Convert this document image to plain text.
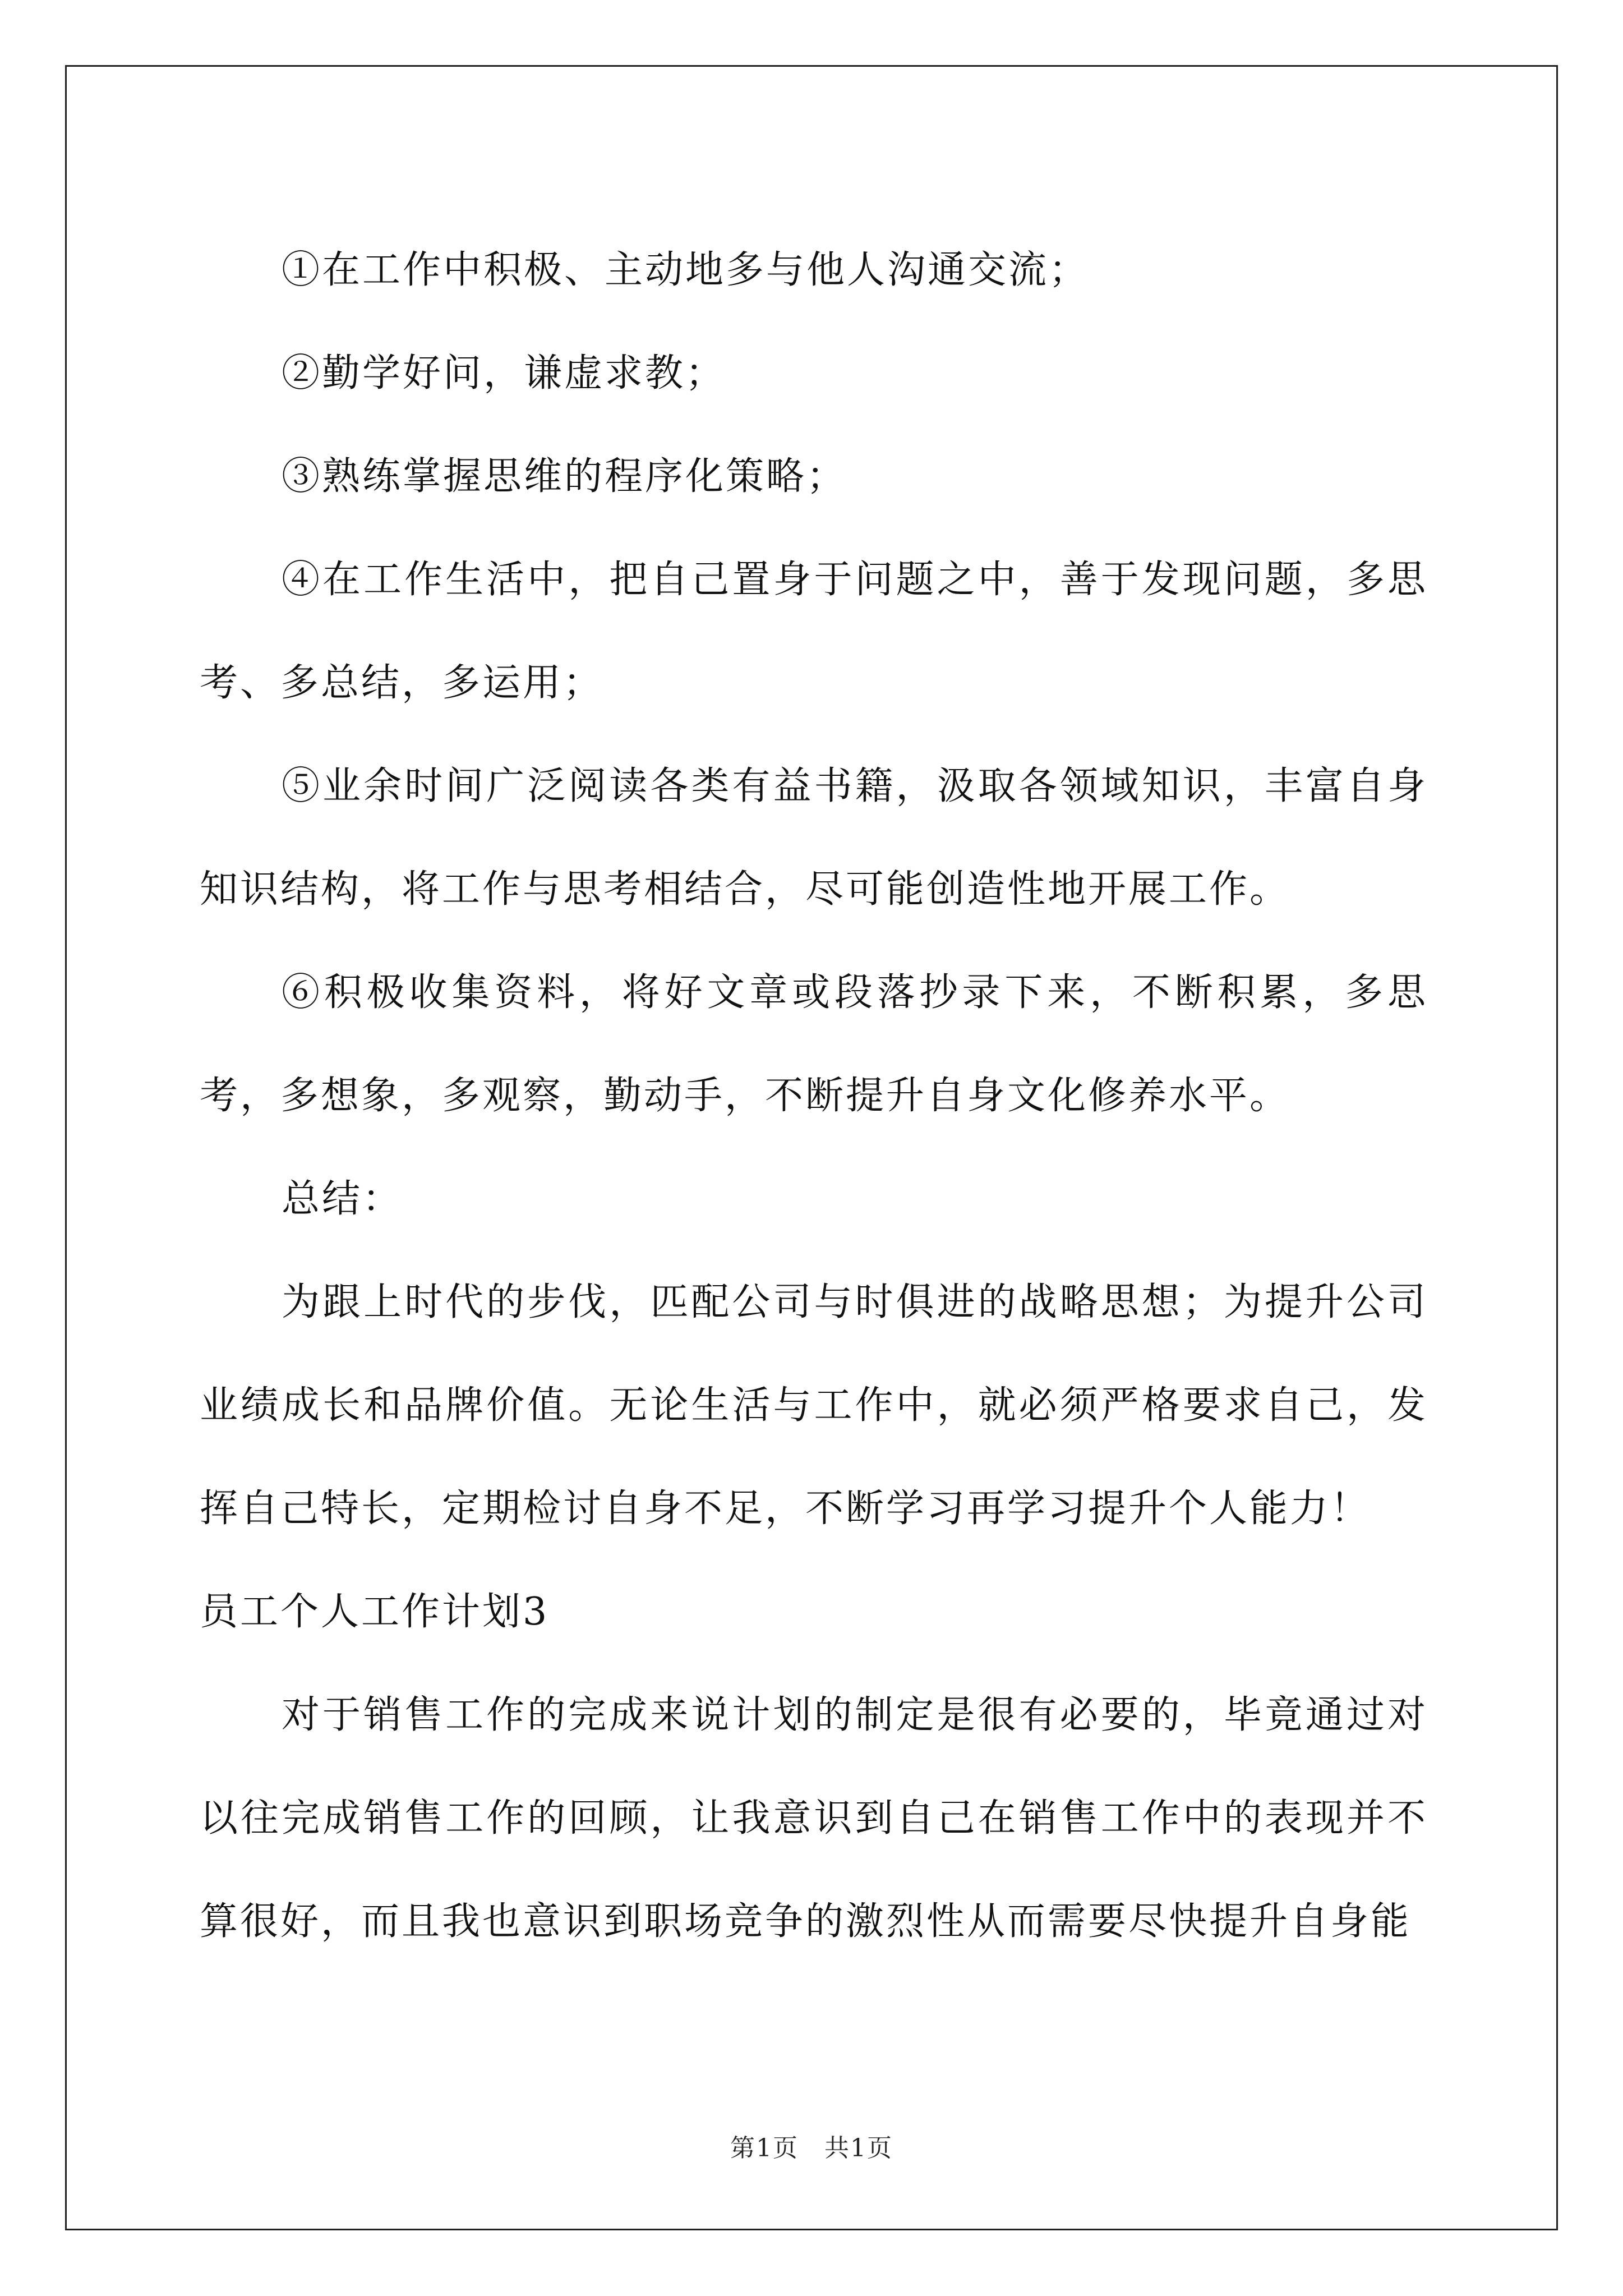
①在工作中积极、主动地多与他人沟通交流；

②勤学好问，谦虚求教；

③熟练掌握思维的程序化策略；

④在工作生活中，把自己置身于问题之中，善于发现问题，多思考、多总结，多运用；

⑤业余时间广泛阅读各类有益书籍，汲取各领域知识，丰富自身知识结构，将工作与思考相结合，尽可能创造性地开展工作。

⑥积极收集资料，将好文章或段落抄录下来，不断积累，多思考，多想象，多观察，勤动手，不断提升自身文化修养水平。

总结：

为跟上时代的步伐，匹配公司与时俱进的战略思想；为提升公司业绩成长和品牌价值。无论生活与工作中，就必须严格要求自己，发挥自己特长，定期检讨自身不足，不断学习再学习提升个人能力！

员工个人工作计划3

对于销售工作的完成来说计划的制定是很有必要的，毕竟通过对以往完成销售工作的回顾，让我意识到自己在销售工作中的表现并不算很好，而且我也意识到职场竞争的激烈性从而需要尽快提升自身能

第1页　共1页
